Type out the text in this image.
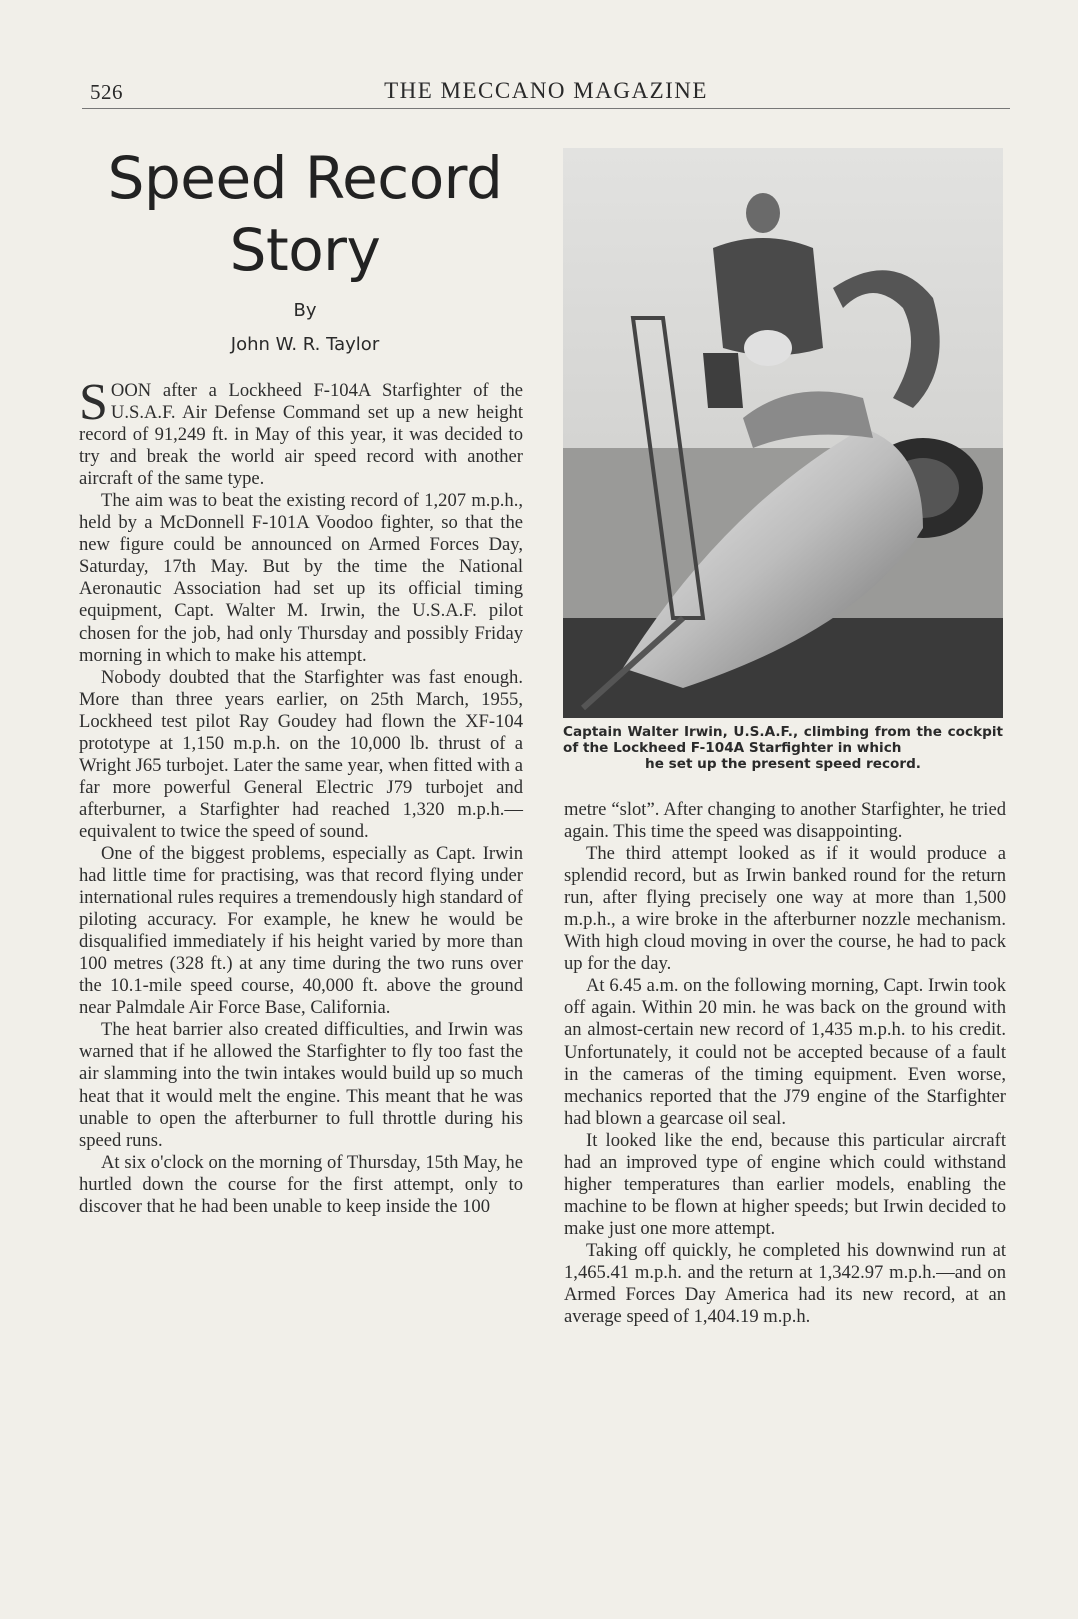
526	THE MECCANO MAGAZINE
Speed Record
Story
By
John W. R. Taylor

SOON after a Lockheed F-104A Starfighter of the U.S.A.F. Air Defense Command set up a new height record of 91,249 ft. in May of this year, it was decided to try and break the world air speed record with another aircraft of the same type.

The aim was to beat the existing record of 1,207 m.p.h., held by a McDonnell F-101A Voodoo fighter, so that the new figure could be announced on Armed Forces Day, Saturday, 17th May. But by the time the National Aeronautic Association had set up its official timing equipment, Capt. Walter M. Irwin, the U.S.A.F. pilot chosen for the job, had only Thursday and possibly Friday morning in which to make his attempt.

Nobody doubted that the Starfighter was fast enough. More than three years earlier, on 25th March, 1955, Lockheed test pilot Ray Goudey had flown the XF-104 prototype at 1,150 m.p.h. on the 10,000 lb. thrust of a Wright J65 turbojet. Later the same year, when fitted with a far more powerful General Electric J79 turbojet and afterburner, a Starfighter had reached 1,320 m.p.h.—equivalent to twice the speed of sound.

One of the biggest problems, especially as Capt. Irwin had little time for practising, was that record flying under international rules requires a tremendously high standard of piloting accuracy. For example, he knew he would be disqualified immediately if his height varied by more than 100 metres (328 ft.) at any time during the two runs over the 10.1-mile speed course, 40,000 ft. above the ground near Palmdale Air Force Base, California.

The heat barrier also created difficulties, and Irwin was warned that if he allowed the Starfighter to fly too fast the air slamming into the twin intakes would build up so much heat that it would melt the engine. This meant that he was unable to open the afterburner to full throttle during his speed runs.

At six o'clock on the morning of Thursday, 15th May, he hurtled down the course for the first attempt, only to discover that he had been unable to keep inside the 100

Captain Walter Irwin, U.S.A.F., climbing from the cockpit of the Lockheed F-104A Starfighter in which
he set up the present speed record.

metre “slot”. After changing to another Starfighter, he tried again. This time the speed was disappointing.

The third attempt looked as if it would produce a splendid record, but as Irwin banked round for the return run, after flying precisely one way at more than 1,500 m.p.h., a wire broke in the afterburner nozzle mechanism. With high cloud moving in over the course, he had to pack up for the day.

At 6.45 a.m. on the following morning, Capt. Irwin took off again. Within 20 min. he was back on the ground with an almost-certain new record of 1,435 m.p.h. to his credit. Unfortunately, it could not be accepted because of a fault in the cameras of the timing equipment. Even worse, mechanics reported that the J79 engine of the Starfighter had blown a gearcase oil seal.

It looked like the end, because this particular aircraft had an improved type of engine which could withstand higher temperatures than earlier models, enabling the machine to be flown at higher speeds; but Irwin decided to make just one more attempt.

Taking off quickly, he completed his downwind run at 1,465.41 m.p.h. and the return at 1,342.97 m.p.h.—and on Armed Forces Day America had its new record, at an average speed of 1,404.19 m.p.h.
